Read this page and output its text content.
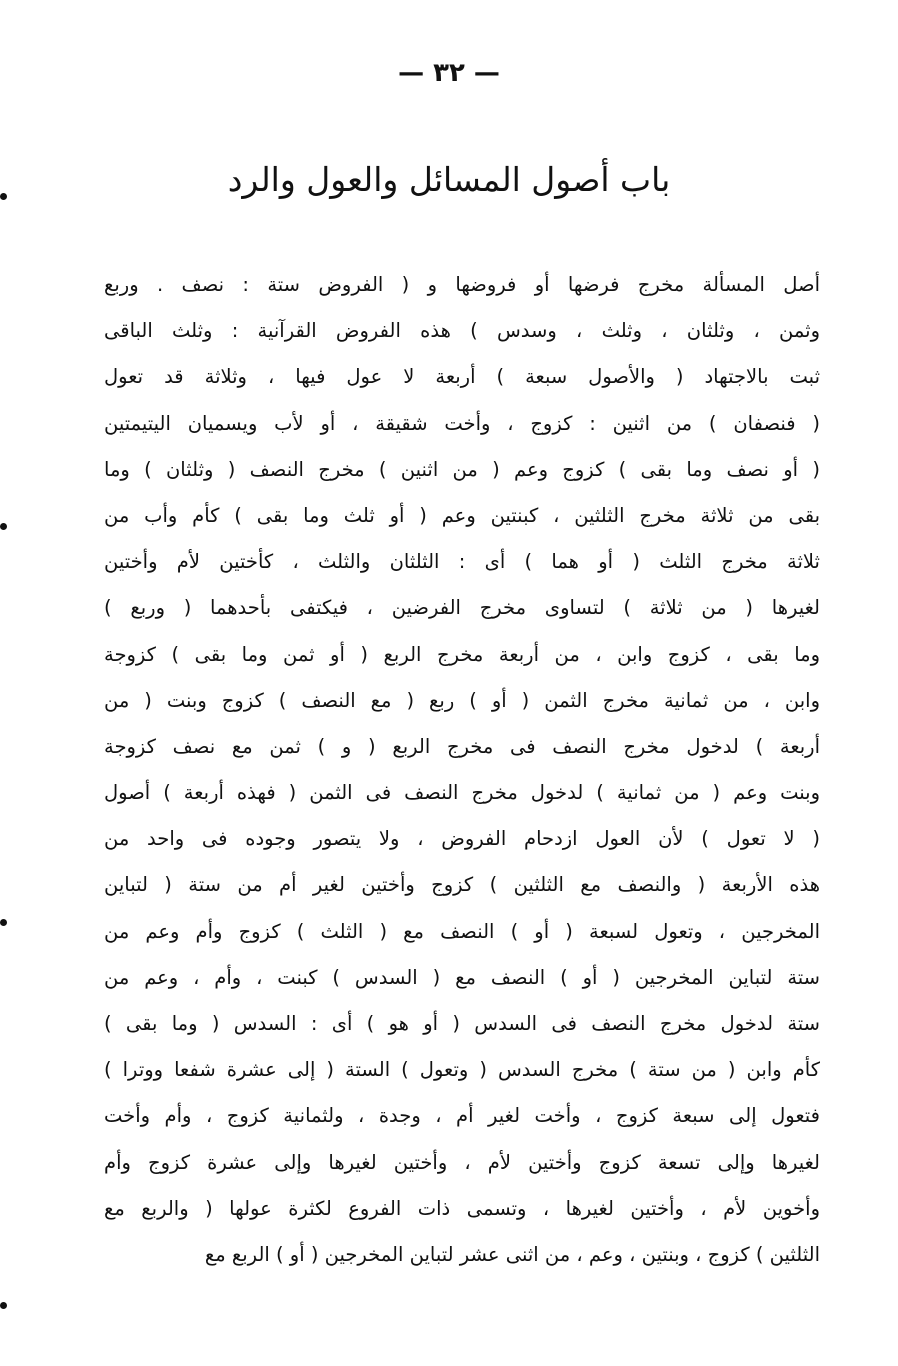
— ٣٢ —
باب أصول المسائل والعول والرد
أصل المسألة مخرج فرضها أو فروضها و ( الفروض ستة : نصف . وربع
وثمن ، وثلثان ، وثلث ، وسدس ) هذه الفروض القرآنية : وثلث الباقى
ثبت بالاجتهاد ( والأصول سبعة ) أربعة لا عول فيها ، وثلاثة قد تعول
( فنصفان ) من اثنين : كزوج ، وأخت شقيقة ، أو لأب ويسميان اليتيمتين
( أو نصف وما بقى ) كزوج وعم ( من اثنين ) مخرج النصف ( وثلثان ) وما
بقى من ثلاثة مخرج الثلثين ، كبنتين وعم ( أو ثلث وما بقى ) كأم وأب من
ثلاثة مخرج الثلث ( أو هما ) أى : الثلثان والثلث ، كأختين لأم وأختين
لغيرها ( من ثلاثة ) لتساوى مخرج الفرضين ، فيكتفى بأحدهما ( وربع )
وما بقى ، كزوج وابن ، من أربعة مخرج الربع ( أو ثمن وما بقى ) كزوجة
وابن ، من ثمانية مخرج الثمن ( أو ) ربع ( مع النصف ) كزوج وبنت ( من
أربعة ) لدخول مخرج النصف فى مخرج الربع ( و ) ثمن مع نصف كزوجة
وبنت وعم ( من ثمانية ) لدخول مخرج النصف فى الثمن ( فهذه أربعة ) أصول
( لا تعول ) لأن العول ازدحام الفروض ، ولا يتصور وجوده فى واحد من
هذه الأربعة ( والنصف مع الثلثين ) كزوج وأختين لغير أم من ستة ( لتباين
المخرجين ، وتعول لسبعة ( أو ) النصف مع ( الثلث ) كزوج وأم وعم من
ستة لتباين المخرجين ( أو ) النصف مع ( السدس ) كبنت ، وأم ، وعم من
ستة لدخول مخرج النصف فى السدس ( أو هو ) أى : السدس ( وما بقى )
كأم وابن ( من ستة ) مخرج السدس ( وتعول ) الستة ( إلى عشرة شفعا ووترا )
فتعول إلى سبعة كزوج ، وأخت لغير أم ، وجدة ، ولثمانية كزوج ، وأم وأخت
لغيرها وإلى تسعة كزوج وأختين لأم ، وأختين لغيرها وإلى عشرة كزوج وأم
وأخوين لأم ، وأختين لغيرها ، وتسمى ذات الفروع لكثرة عولها ( والربع مع
الثلثين ) كزوج ، وبنتين ، وعم ، من اثنى عشر لتباين المخرجين ( أو ) الربع مع
